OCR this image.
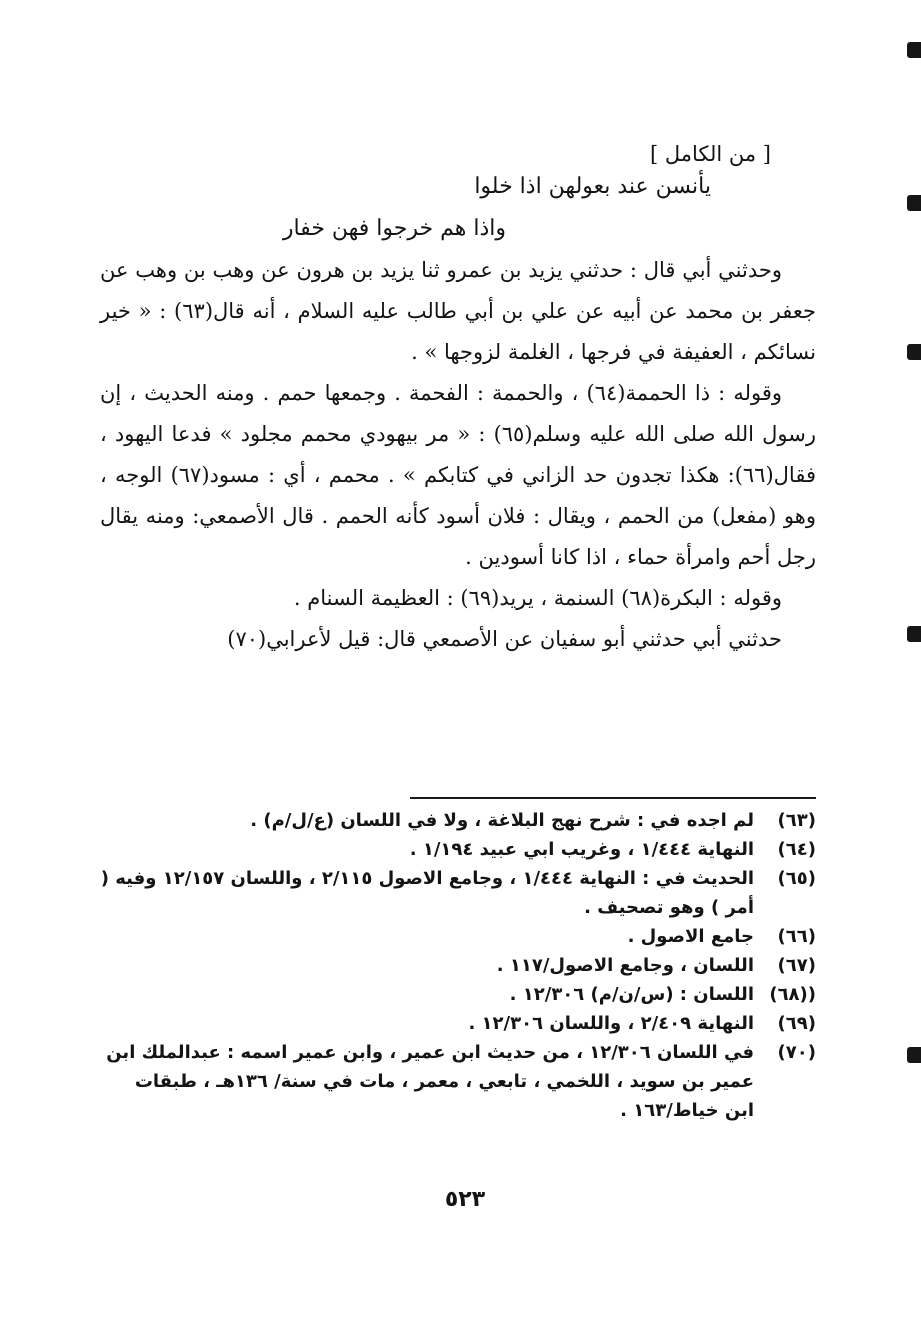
[ من الكامل ]
يأنسن عند بعولهن اذا خلوا
واذا هم خرجوا فهن خفار

وحدثني أبي قال : حدثني يزيد بن عمرو ثنا يزيد بن هرون عن وهب بن وهب عن جعفر بن محمد عن أبيه عن علي بن أبي طالب عليه السلام ، أنه قال(٦٣) : « خير نسائكم ، العفيفة في فرجها ، الغلمة لزوجها » .

وقوله : ذا الحممة(٦٤) ، والحممة : الفحمة . وجمعها حمم . ومنه الحديث ، إن رسول الله صلى الله عليه وسلم(٦٥) : « مر بيهودي محمم مجلود » فدعا اليهود ، فقال(٦٦): هكذا تجدون حد الزاني في كتابكم » . محمم ، أي : مسود(٦٧) الوجه ، وهو (مفعل) من الحمم ، ويقال : فلان أسود كأنه الحمم . قال الأصمعي: ومنه يقال رجل أحم وامرأة حماء ، اذا كانا أسودين .

وقوله : البكرة(٦٨) السنمة ، يريد(٦٩) : العظيمة السنام .

حدثني أبي حدثني أبو سفيان عن الأصمعي قال: قيل لأعرابي(٧٠)

(٦٣)
لم اجده في : شرح نهج البلاغة ، ولا في اللسان (ع/ل/م) .
(٦٤)
النهاية ١/٤٤٤ ، وغريب ابي عبيد ١/١٩٤ .
(٦٥)
الحديث في : النهاية ١/٤٤٤ ، وجامع الاصول ٢/١١٥ ، واللسان ١٢/١٥٧ وفيه ( أمر ) وهو تصحيف .
(٦٦)
جامع الاصول .
(٦٧)
اللسان ، وجامع الاصول/١١٧ .
((٦٨)
اللسان : (س/ن/م) ١٢/٣٠٦ .
(٦٩)
النهاية ٢/٤٠٩ ، واللسان ١٢/٣٠٦ .
(٧٠)
في اللسان ١٢/٣٠٦ ، من حديث ابن عمير ، وابن عمير اسمه : عبدالملك ابن عمير بن سويد ، اللخمي ، تابعي ، معمر ، مات في سنة/ ١٣٦هـ ، طبقات ابن خياط/١٦٣ .
٥٢٣
